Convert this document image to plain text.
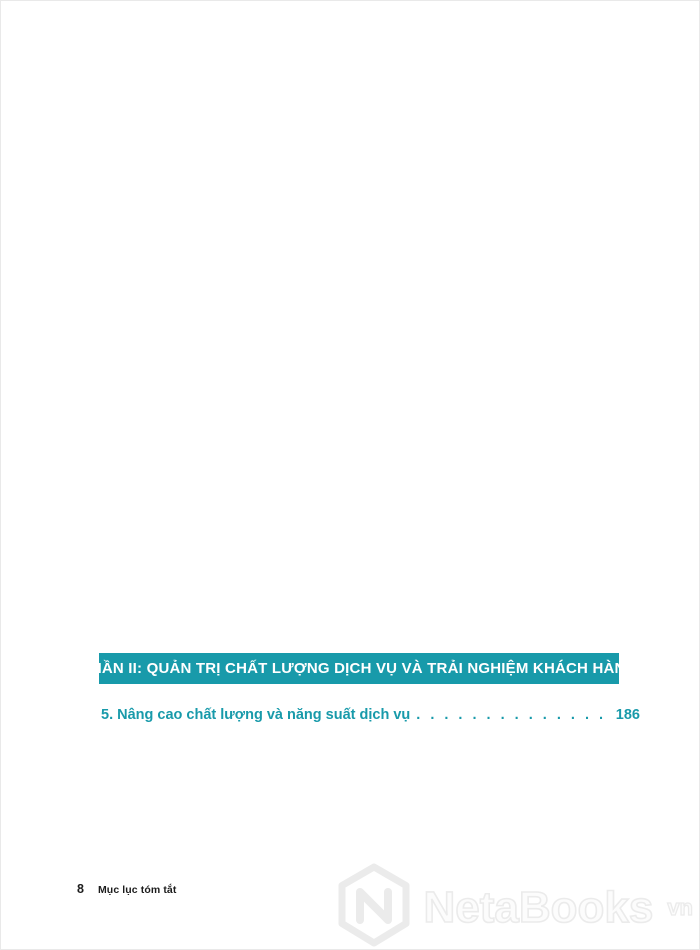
PHẦN II: QUẢN TRỊ CHẤT LƯỢNG DỊCH VỤ VÀ TRẢI NGHIỆM KHÁCH HÀNG
5. Nâng cao chất lượng và năng suất dịch vụ . . .	186
8 Mục lục tóm tắt	NetaBooks vn
